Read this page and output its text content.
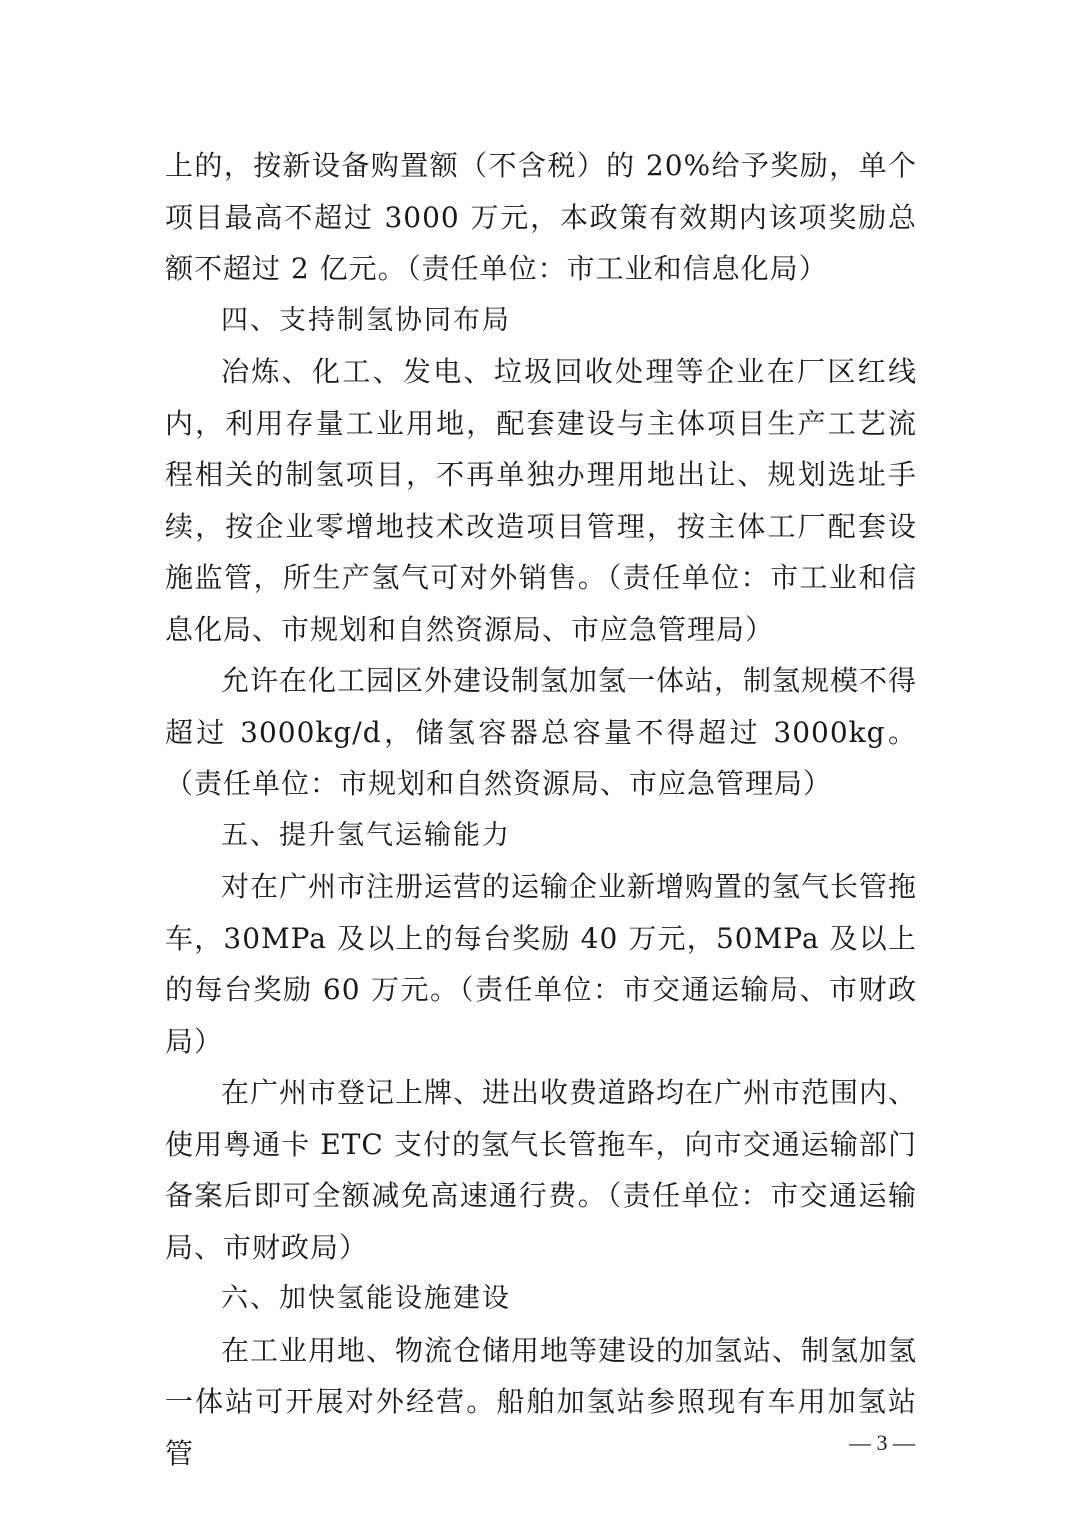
上的，按新设备购置额（不含税）的 20%给予奖励，单个项目最高不超过 3000 万元，本政策有效期内该项奖励总额不超过 2 亿元。（责任单位：市工业和信息化局）

四、支持制氢协同布局

冶炼、化工、发电、垃圾回收处理等企业在厂区红线内，利用存量工业用地，配套建设与主体项目生产工艺流程相关的制氢项目，不再单独办理用地出让、规划选址手续，按企业零增地技术改造项目管理，按主体工厂配套设施监管，所生产氢气可对外销售。（责任单位：市工业和信息化局、市规划和自然资源局、市应急管理局）

允许在化工园区外建设制氢加氢一体站，制氢规模不得超过 3000kg/d，储氢容器总容量不得超过 3000kg。（责任单位：市规划和自然资源局、市应急管理局）

五、提升氢气运输能力

对在广州市注册运营的运输企业新增购置的氢气长管拖车，30MPa 及以上的每台奖励 40 万元，50MPa 及以上的每台奖励 60 万元。（责任单位：市交通运输局、市财政局）

在广州市登记上牌、进出收费道路均在广州市范围内、使用粤通卡 ETC 支付的氢气长管拖车，向市交通运输部门备案后即可全额减免高速通行费。（责任单位：市交通运输局、市财政局）

六、加快氢能设施建设

在工业用地、物流仓储用地等建设的加氢站、制氢加氢一体站可开展对外经营。船舶加氢站参照现有车用加氢站管	— 3 —
